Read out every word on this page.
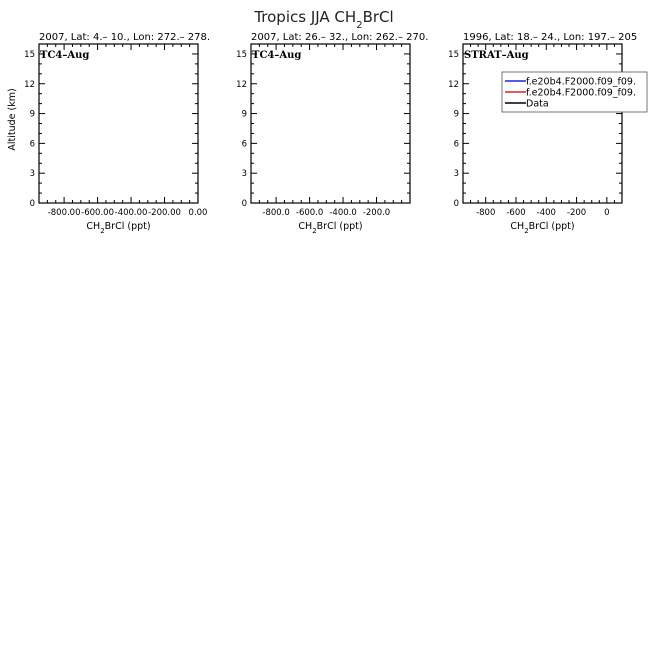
Tropics JJA $CH_2BrCl$
2007, Lat: 4.– 10., Lon: 272.– 278.
0
3
6
9
12
15
-800.00 -600.00 -400.00 -200.00 0.00
$CH_2BrCl$ (ppt)
Altitude (km)
TC4–Aug
2007, Lat: 26.– 32., Lon: 262.– 270.
0
3
6
9
12
15
-800.0 -600.0 -400.0 -200.0
$CH_2BrCl$ (ppt)
TC4–Aug
1996, Lat: 18.– 24., Lon: 197.– 205
0
3
6
9
12
15
-800 -600 -400 -200 0
$CH_2BrCl$ (ppt)
STRAT–Aug
f.e20b4.F2000.f09_f09.
f.e20b4.F2000.f09_f09.
Data
